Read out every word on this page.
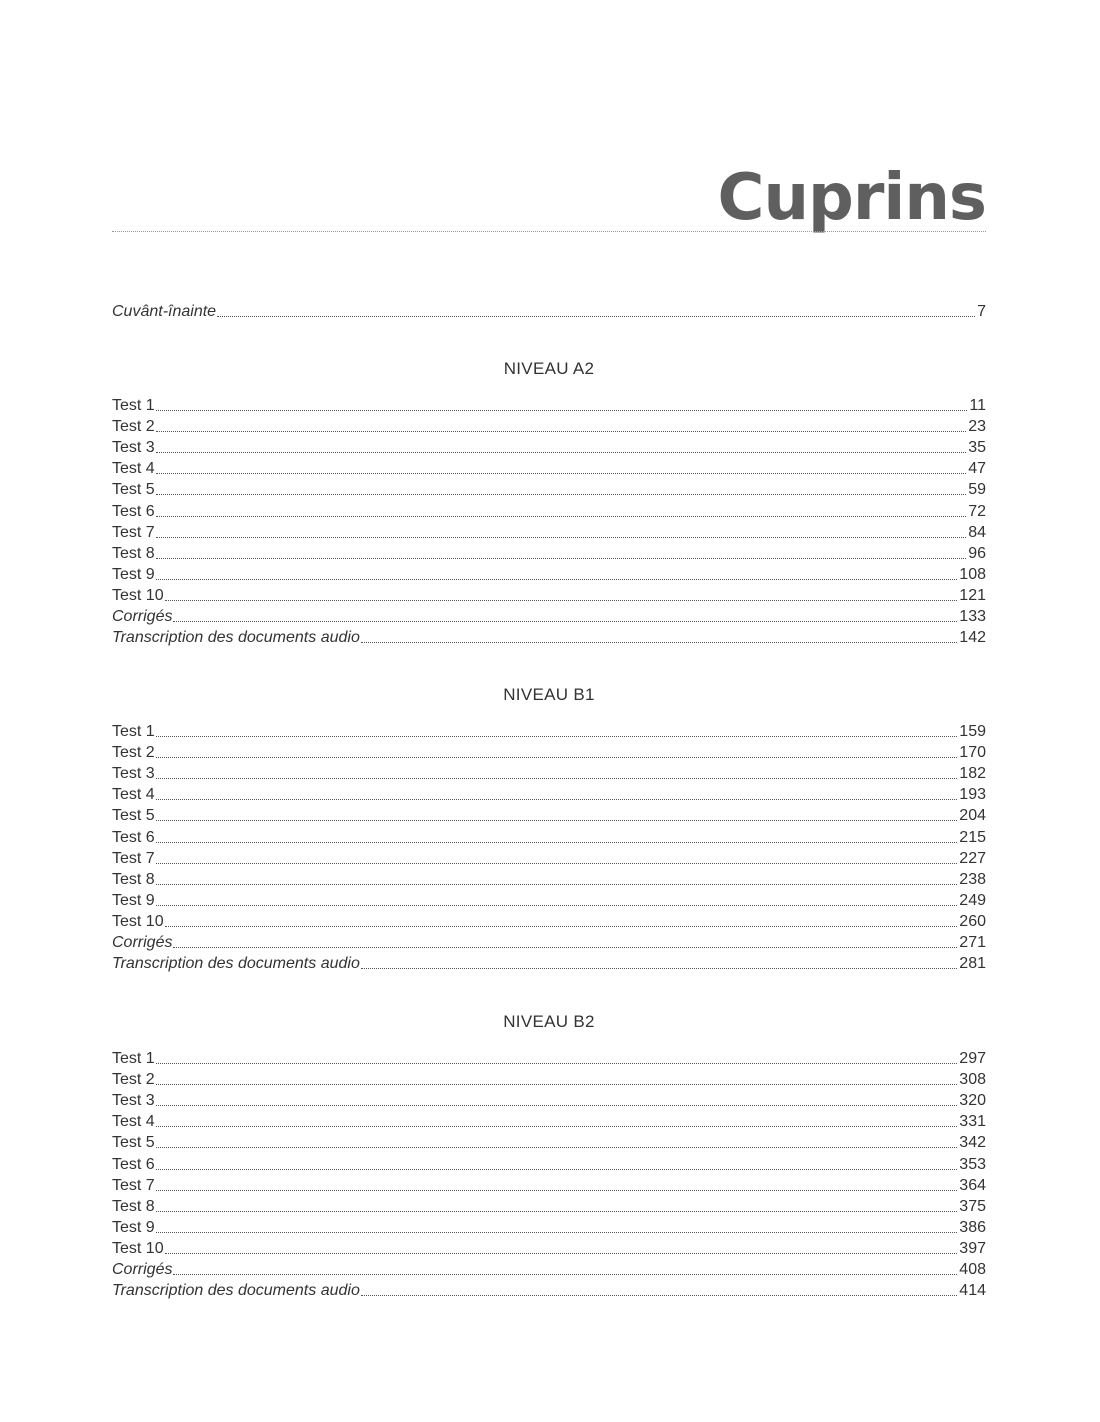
Cuprins
Cuvânt-înainte	7
NIVEAU A2
Test 1	11
Test 2	23
Test 3	35
Test 4	47
Test 5	59
Test 6	72
Test 7	84
Test 8	96
Test 9	108
Test 10	121
Corrigés	133
Transcription des documents audio	142
NIVEAU B1
Test 1	159
Test 2	170
Test 3	182
Test 4	193
Test 5	204
Test 6	215
Test 7	227
Test 8	238
Test 9	249
Test 10	260
Corrigés	271
Transcription des documents audio	281
NIVEAU B2
Test 1	297
Test 2	308
Test 3	320
Test 4	331
Test 5	342
Test 6	353
Test 7	364
Test 8	375
Test 9	386
Test 10	397
Corrigés	408
Transcription des documents audio	414
